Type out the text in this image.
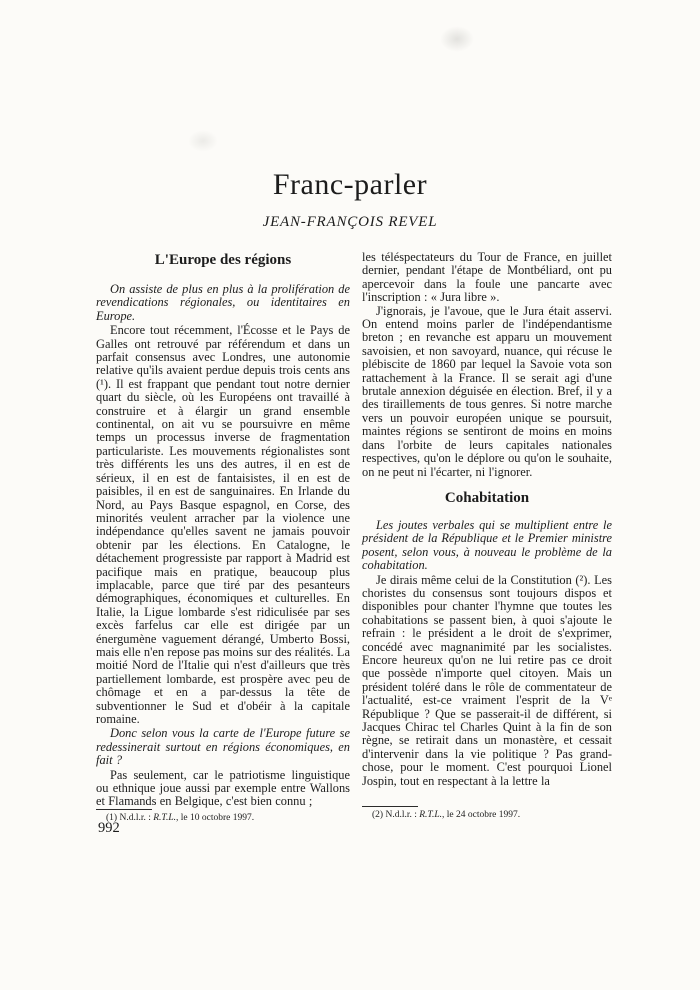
Franc-parler
JEAN-FRANÇOIS REVEL
L'Europe des régions

On assiste de plus en plus à la prolifération de revendications régionales, ou identitaires en Europe.

Encore tout récemment, l'Écosse et le Pays de Galles ont retrouvé par référendum et dans un parfait consensus avec Londres, une autonomie relative qu'ils avaient perdue depuis trois cents ans (¹). Il est frappant que pendant tout notre dernier quart du siècle, où les Européens ont travaillé à construire et à élargir un grand ensemble continental, on ait vu se poursuivre en même temps un processus inverse de fragmentation particulariste. Les mouvements régionalistes sont très différents les uns des autres, il en est de sérieux, il en est de fantaisistes, il en est de paisibles, il en est de sanguinaires. En Irlande du Nord, au Pays Basque espagnol, en Corse, des minorités veulent arracher par la violence une indépendance qu'elles savent ne jamais pouvoir obtenir par les élections. En Catalogne, le détachement progressiste par rapport à Madrid est pacifique mais en pratique, beaucoup plus implacable, parce que tiré par des pesanteurs démographiques, économiques et culturelles. En Italie, la Ligue lombarde s'est ridiculisée par ses excès farfelus car elle est dirigée par un énergumène vaguement dérangé, Umberto Bossi, mais elle n'en repose pas moins sur des réalités. La moitié Nord de l'Italie qui n'est d'ailleurs que très partiellement lombarde, est prospère avec peu de chômage et en a par-dessus la tête de subventionner le Sud et d'obéir à la capitale romaine.

Donc selon vous la carte de l'Europe future se redessinerait surtout en régions économiques, en fait ?

Pas seulement, car le patriotisme linguistique ou ethnique joue aussi par exemple entre Wallons et Flamands en Belgique, c'est bien connu ;

(1) N.d.l.r. : R.T.L., le 10 octobre 1997.

les téléspectateurs du Tour de France, en juillet dernier, pendant l'étape de Montbéliard, ont pu apercevoir dans la foule une pancarte avec l'inscription : « Jura libre ».

J'ignorais, je l'avoue, que le Jura était asservi. On entend moins parler de l'indépendantisme breton ; en revanche est apparu un mouvement savoisien, et non savoyard, nuance, qui récuse le plébiscite de 1860 par lequel la Savoie vota son rattachement à la France. Il se serait agi d'une brutale annexion déguisée en élection. Bref, il y a des tiraillements de tous genres. Si notre marche vers un pouvoir européen unique se poursuit, maintes régions se sentiront de moins en moins dans l'orbite de leurs capitales nationales respectives, qu'on le déplore ou qu'on le souhaite, on ne peut ni l'écarter, ni l'ignorer.

Cohabitation

Les joutes verbales qui se multiplient entre le président de la République et le Premier ministre posent, selon vous, à nouveau le problème de la cohabitation.

Je dirais même celui de la Constitution (²). Les choristes du consensus sont toujours dispos et disponibles pour chanter l'hymne que toutes les cohabitations se passent bien, à quoi s'ajoute le refrain : le président a le droit de s'exprimer, concédé avec magnanimité par les socialistes. Encore heureux qu'on ne lui retire pas ce droit que possède n'importe quel citoyen. Mais un président toléré dans le rôle de commentateur de l'actualité, est-ce vraiment l'esprit de la Vᵉ République ? Que se passerait-il de différent, si Jacques Chirac tel Charles Quint à la fin de son règne, se retirait dans un monastère, et cessait d'intervenir dans la vie politique ? Pas grand-chose, pour le moment. C'est pourquoi Lionel Jospin, tout en respectant à la lettre la

(2) N.d.l.r. : R.T.L., le 24 octobre 1997.
992
